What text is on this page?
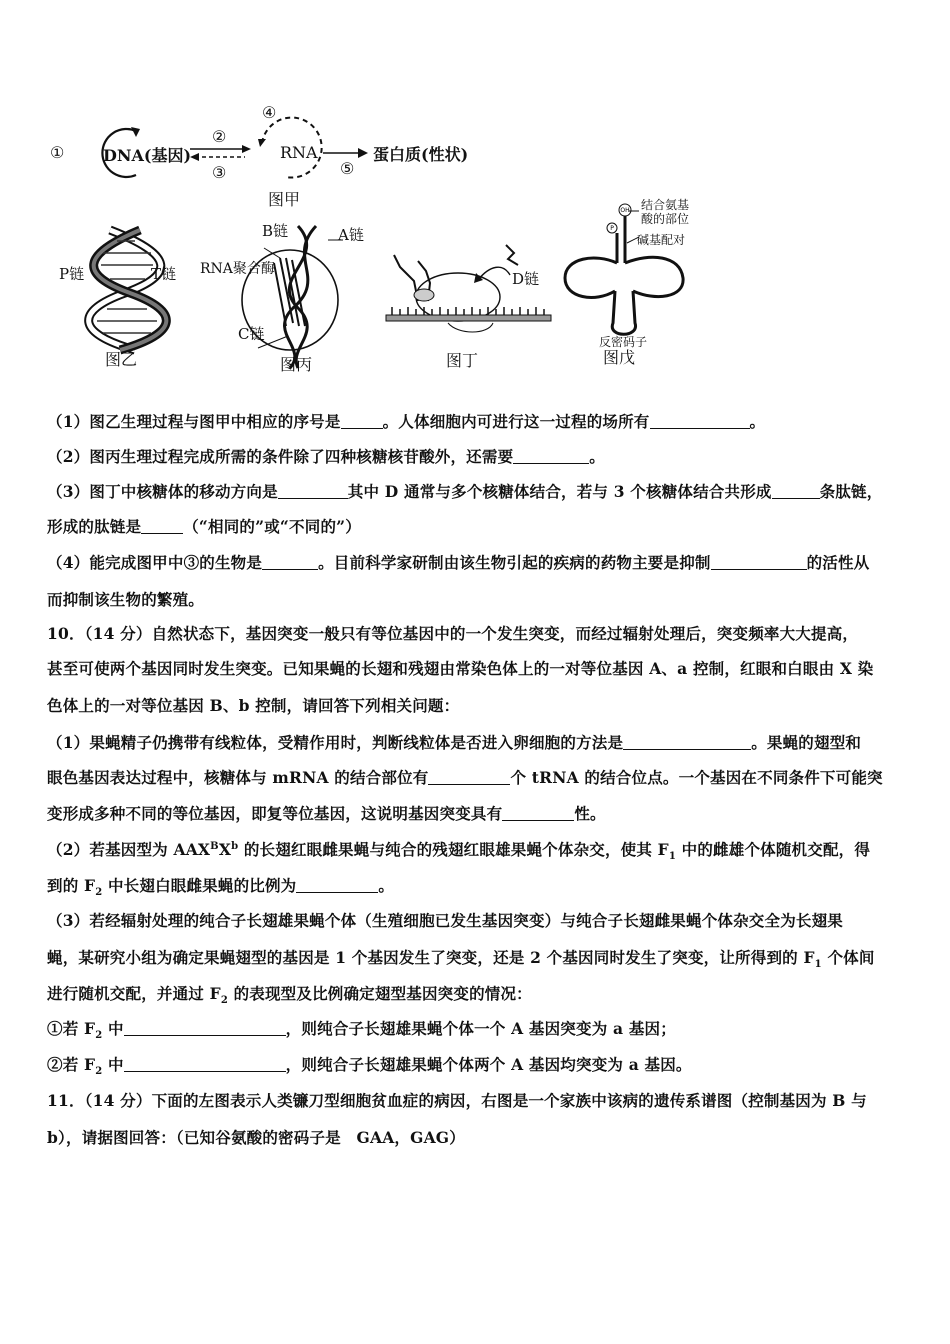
① DNA(基因)
②
③
④
RNA	蛋白质(性状)
⑤
图甲
P链	T链
图乙
B链	A链
RNA聚合酶
C链
图丙
D链
图丁
OH
P
结合氨基
酸的部位
碱基配对
反密码子
图戊
（1）图乙生理过程与图甲中相应的序号是	。人体细胞内可进行这一过程的场所有	。
（2）图丙生理过程完成所需的条件除了四种核糖核苷酸外，还需要	。
（3）图丁中核糖体的移动方向是	其中 D 通常与多个核糖体结合，若与 3 个核糖体结合共形成	条肽链，
形成的肽链是	（“相同的”或“不同的”）
（4）能完成图甲中③的生物是	。目前科学家研制由该生物引起的疾病的药物主要是抑制	的活性从
而抑制该生物的繁殖。
10．（14 分）自然状态下，基因突变一般只有等位基因中的一个发生突变，而经过辐射处理后，突变频率大大提高，
甚至可使两个基因同时发生突变。已知果蝇的长翅和残翅由常染色体上的一对等位基因 A、a 控制，红眼和白眼由 X 染
色体上的一对等位基因 B、b 控制，请回答下列相关问题：
（1）果蝇精子仍携带有线粒体，受精作用时，判断线粒体是否进入卵细胞的方法是	。果蝇的翅型和
眼色基因表达过程中，核糖体与 mRNA 的结合部位有	个 tRNA 的结合位点。一个基因在不同条件下可能突
变形成多种不同的等位基因，即复等位基因，这说明基因突变具有	性。
（2）若基因型为 $AAX^BX^b$ 的长翅红眼雌果蝇与纯合的残翅红眼雄果蝇个体杂交，使其 $F_1$ 中的雌雄个体随机交配，得
到的 $F_2$ 中长翅白眼雌果蝇的比例为	。
（3）若经辐射处理的纯合子长翅雄果蝇个体（生殖细胞已发生基因突变）与纯合子长翅雌果蝇个体杂交全为长翅果
蝇，某研究小组为确定果蝇翅型的基因是 1 个基因发生了突变，还是 2 个基因同时发生了突变，让所得到的 $F_1$ 个体间
进行随机交配，并通过 $F_2$ 的表现型及比例确定翅型基因突变的情况：
①若 $F_2$ 中	，则纯合子长翅雄果蝇个体一个 A 基因突变为 a 基因；
②若 $F_2$ 中	，则纯合子长翅雄果蝇个体两个 A 基因均突变为 a 基因。
11．（14 分）下面的左图表示人类镰刀型细胞贫血症的病因，右图是一个家族中该病的遗传系谱图（控制基因为 B 与
b），请据图回答：（已知谷氨酸的密码子是　GAA，GAG）
